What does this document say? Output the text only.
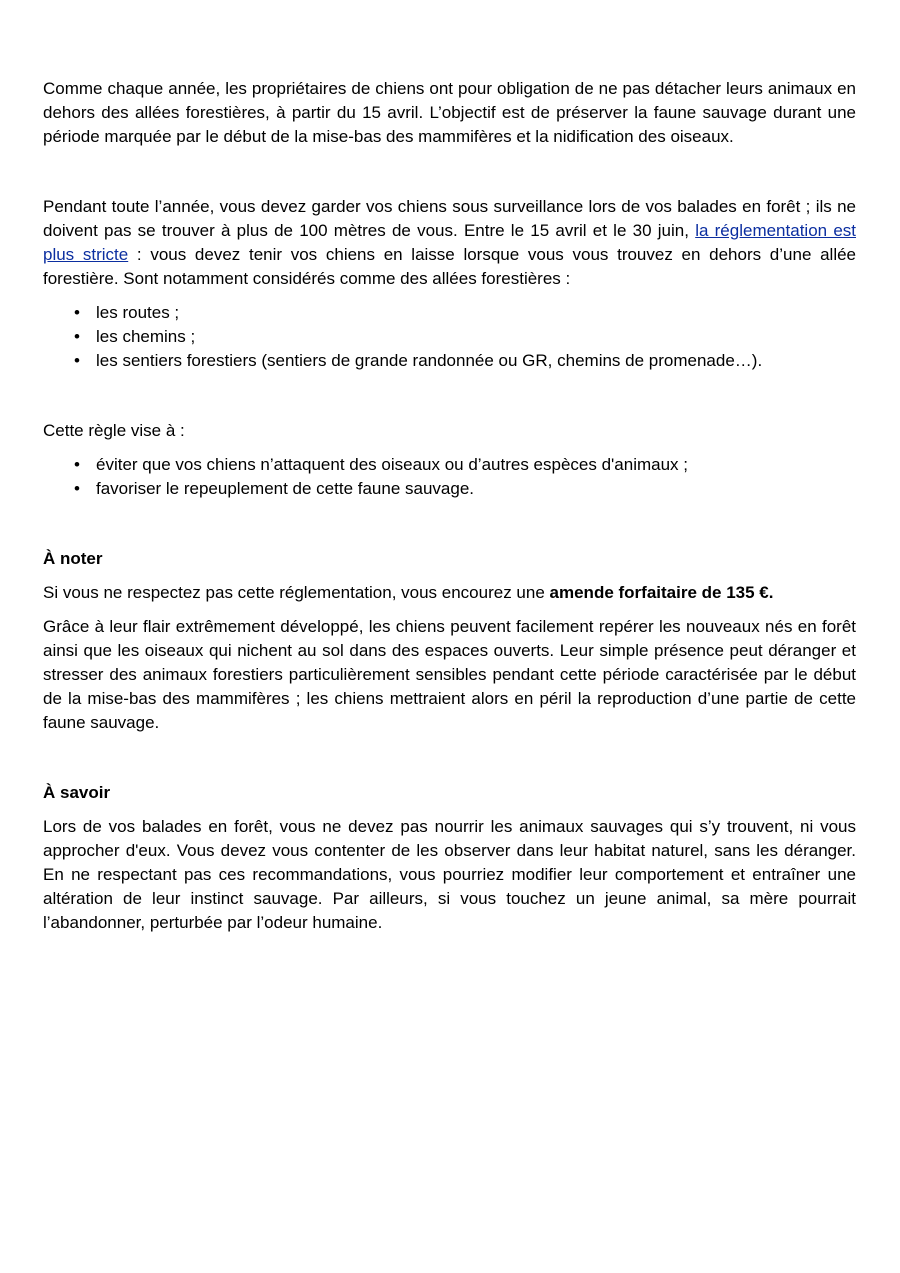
Comme chaque année, les propriétaires de chiens ont pour obligation de ne pas détacher leurs animaux en dehors des allées forestières, à partir du 15 avril. L’objectif est de préserver la faune sauvage durant une période marquée par le début de la mise-bas des mammifères et la nidification des oiseaux.

Pendant toute l’année, vous devez garder vos chiens sous surveillance lors de vos balades en forêt ; ils ne doivent pas se trouver à plus de 100 mètres de vous. Entre le 15 avril et le 30 juin, la réglementation est plus stricte : vous devez tenir vos chiens en laisse lorsque vous vous trouvez en dehors d’une allée forestière. Sont notamment considérés comme des allées forestières :

• les routes ;
• les chemins ;
• les sentiers forestiers (sentiers de grande randonnée ou GR, chemins de promenade…).

Cette règle vise à :

• éviter que vos chiens n’attaquent des oiseaux ou d’autres espèces d'animaux ;
• favoriser le repeuplement de cette faune sauvage.

À noter

Si vous ne respectez pas cette réglementation, vous encourez une amende forfaitaire de 135 €.

Grâce à leur flair extrêmement développé, les chiens peuvent facilement repérer les nouveaux nés en forêt ainsi que les oiseaux qui nichent au sol dans des espaces ouverts. Leur simple présence peut déranger et stresser des animaux forestiers particulièrement sensibles pendant cette période caractérisée par le début de la mise-bas des mammifères ; les chiens mettraient alors en péril la reproduction d’une partie de cette faune sauvage.

À savoir

Lors de vos balades en forêt, vous ne devez pas nourrir les animaux sauvages qui s’y trouvent, ni vous approcher d'eux. Vous devez vous contenter de les observer dans leur habitat naturel, sans les déranger. En ne respectant pas ces recommandations, vous pourriez modifier leur comportement et entraîner une altération de leur instinct sauvage. Par ailleurs, si vous touchez un jeune animal, sa mère pourrait l’abandonner, perturbée par l’odeur humaine.
